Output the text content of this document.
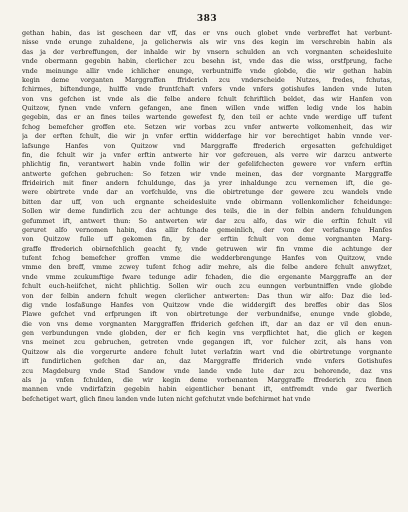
383
gethan habin, das ist gescheen dar vff, das er vns ouch globet vnde verbreffet hat verbunt-
nisse vnde erunge zuhaldene, ja gelicherwis als wir vns des kegin im verschrebin habin als
das ja der verbreffungen, der inhalde wir by vnsern schulden an vch vorgnanten scheidesluite
vnde obermann gegebin habin, clerlicher zcu besehn ist, vnde das die wiss, orstfprung, fache
vnde meinunge allir vnde ichlicher enunge, verbuntniffe vnde globde, die wir gethan habin
kegin deme vorganten Marggraffen ffriderich zcu vnderscheide Nutzes, fredes, fchutas,
fchirmes, biftendunge, hulffe vnde fruntfchaft vnfers vnde vnfers gotishufes landen vnde luten
von vns gefchen ist vnde als die felbe andere fchult fchriftlich beldet, das wir Hanfen von
Quitzow, fynen vnde vnfern gefangen, ane finen willen vnde wiffen ledig vnde los habin
gegebin, das er an fines teiles wartende gewefest fy, den teil er achte vnde werdige uff tufent
fchog bemefcher groffen ete. Setzen wir vorbas zcu vnfer antwerte volkomenheit, das wir
ja der erften fchult, die wir jn vnfer erftin widderfage hir vor berechtiget habin vnnde ver-
lafsunge Hanfes von Quitzow vnd Marggraffe ffrederich ergesatten gefchuldiget
fin, die fchult wir ja vnfer erftin antwerte hir vor gefcreuen, als verre wir darzcu antwerte
phlichtig fin, verantwert habin vnde follin wir der gefelifchecten gewere vor vnfern erftin
antwerte gefchen gebruchen: So fetzen wir vnde meinen, das der vorgnante Marggraffe
ffrideirich mit finer andern fchuldunge, das ja yrer inhaldunge zcu vernemen ift, die ge-
were obirtrete vnde dar an vorfchulde, vns die obirtretunge der gewere zcu wandels vnde
bitten dar uff, von uch ergnante scheidesluite vnde obirmann vollenkomlicher fcheidunge:
Sollen wir deme fundirlich zcu der achtunge des teils, die in der felbin andern fchuldungen
gefummet ift, antwert thun: So antwerten wir dar zcu alfo, das wir die erftin fchult vil
geruret alfo vernomen habin, das allir fchade gemeinlich, der von der verlafsunge Hanfes
von Quitzow fulle uff gekomen fin, by der erftin fchult von deme vorgnanten Marg-
graffe ffrederich obirnefchlich geacht fy, vnde getruwen wir fin vmme die achtunge der
tufent fchog bemefcher groffen vmme die wedderbrengunge Hanfes von Quitzow, vnde
vmme den breff, vmme zcwey tufent fchog adir mehre, als die felbe andere fchult anwyfzet,
vnde vmme zcukumftige fware tedunge adir fchaden, die die ergenante Marggraffe an der
fchult euch-heiifchet, nicht phlichtig. Sollen wir ouch zcu eunngen verbuntniffen vnde globde
von der felbin andern fchult wegen clerlicher antwerten: Das thun wir alfo: Daz die led-
dig vnde losfaßunge Hanfes von Quitzow vnde die widdergift des breffes obir das Slos
Plawe gefchet vnd erfprungen ift von obirtretunge der verbundnifse, enunge vnde globde,
die von vns deme vorgnanten Marggraffen ffriderich gefchen ift, dar an daz er vil den enun-
gen verbundungen vnde globden, der er fich kegin vns verpflichtet hat, die glich er kegen
vns meinet zcu gebruchen, getreten vnde gegangen ift, vor fulcher zcit, als hans von
Quitzow als die vorgerurte andere fchult lutet verlafzin wart vnd die obirtretunge vorgnante
ift fundirlichen gefchen dar an, daz Marggraffe ffriderich vnde vnfers Gotishufes
zcu Magdeburg vnde Stad Sandow vnde lande vnde lute dar zcu behorende, daz vns
als ja vnfen fchulden, die wir kegin deme vorbenanten Marggraffe ffrederich zcu finen
mannen vnde vndirfafzin gegebin habin eigentlicher benant ift, entfremdt vnde gar fwerlich
befchetiget wart, glich fineu landen vnde luten nicht gefchutzt vnde befchirmet hat vnde
